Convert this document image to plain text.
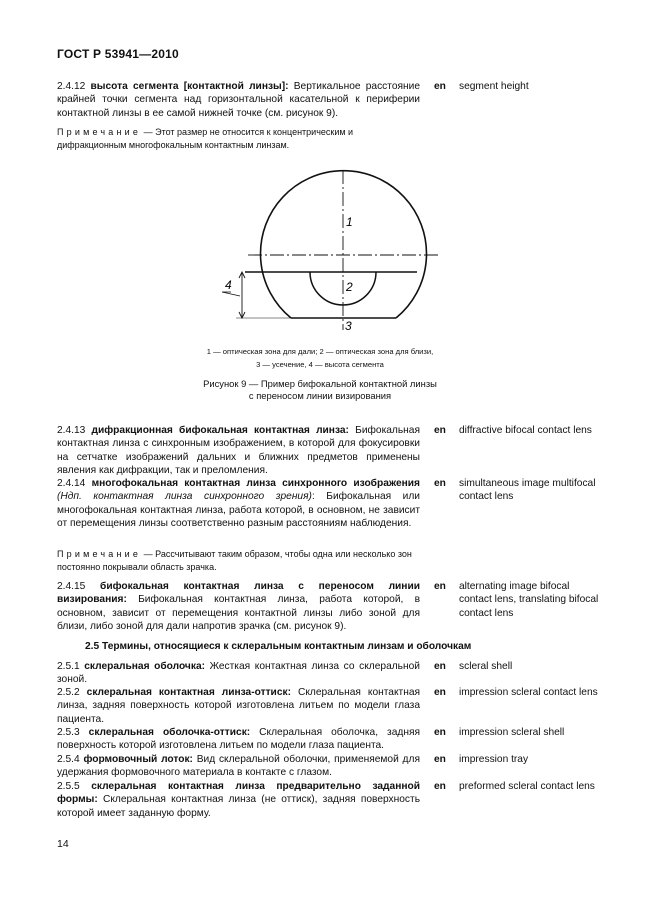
ГОСТ Р 53941—2010
2.4.12 высота сегмента [контактной линзы]: Вертикальное расстояние крайней точки сегмента над горизонтальной касательной к периферии контактной линзы в ее самой нижней точке (см. рисунок 9).
en segment height
Примечание — Этот размер не относится к концентрическим и дифракционным многофокальным контактным линзам.
1
2
3
4
1 — оптическая зона для дали; 2 — оптическая зона для близи,
3 — усечение, 4 — высота сегмента
Рисунок 9 — Пример бифокальной контактной линзы
с переносом линии визирования
2.4.13 дифракционная бифокальная контактная линза: Бифокальная контактная линза с синхронным изображением, в которой для фокусировки на сетчатке изображений дальних и ближних предметов применены явления как дифракции, так и преломления.
en diffractive bifocal contact lens
2.4.14 многофокальная контактная линза синхронного изображения (Ндп. контактная линза синхронного зрения): Бифокальная или многофокальная контактная линза, работа которой, в основном, не зависит от перемещения линзы соответственно разным расстояниям наблюдения.
en simultaneous image multifocal contact lens
Примечание — Рассчитывают таким образом, чтобы одна или несколько зон постоянно покрывали область зрачка.
2.4.15 бифокальная контактная линза с переносом линии визирования: Бифокальная контактная линза, работа которой, в основном, зависит от перемещения контактной линзы либо зоной для близи, либо зоной для дали напротив зрачка (см. рисунок 9).
en alternating image bifocal contact lens, translating bifocal contact lens
2.5 Термины, относящиеся к склеральным контактным линзам и оболочкам
2.5.1 склеральная оболочка: Жесткая контактная линза со склеральной зоной.
en scleral shell
2.5.2 склеральная контактная линза-оттиск: Склеральная контактная линза, задняя поверхность которой изготовлена литьем по модели глаза пациента.
en impression scleral contact lens
2.5.3 склеральная оболочка-оттиск: Склеральная оболочка, задняя поверхность которой изготовлена литьем по модели глаза пациента.
en impression scleral shell
2.5.4 формовочный лоток: Вид склеральной оболочки, применяемой для удержания формовочного материала в контакте с глазом.
en impression tray
2.5.5 склеральная контактная линза предварительно заданной формы: Склеральная контактная линза (не оттиск), задняя поверхность которой имеет заданную форму.
en preformed scleral contact lens
14
